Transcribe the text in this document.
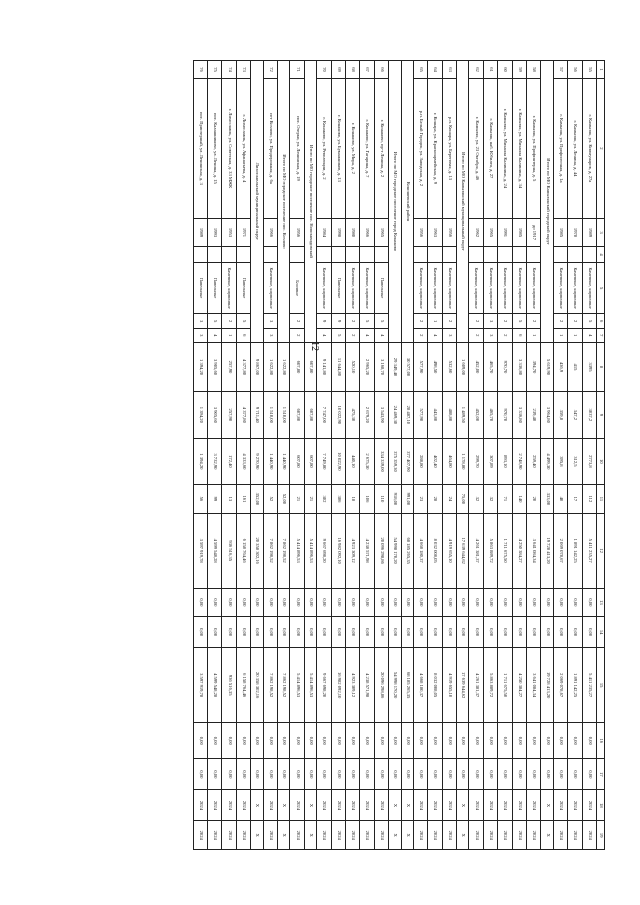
12
1	2	3	4	5	6	7	8	9	10	11	12	13	14	15	16	17	18	19
55	г. Камызяк, ул. Коммунаров, д. 27а	1989		Каменные, кирпичные	5	4	3395	3037,2	2773,8	112	5 411 235,27	0,00	0,00	5 411 235,27	0,00	0,00	2024	2024
56	г. Камызяк, ул. Ленина, д. 44	1978		Каменные, кирпичные	2	1	415	347,2	312,5	17	1 891 142,25	0,00	0,00	1 891 142,25	0,00	0,00	2024	2024
57	г. Камызяк, ул. Профсоюзная, д. 1а	1985		Каменные, кирпичные	2	1	436,9	359,8	395,8	40	2 069 078,67	0,00	0,00	2 069 078,67	0,00	0,00	2024	2024
Итого по МО Камызякский городской округ							5 619,90	3 964,80	4 499,30	333,00	19 728 413,20	0,00	0,00	19 728 413,20	0,00	0,00	X	X
58	г. Камызяк, ул. Профинтерна, д. 5	до 1917		Каменные, кирпичные	2	1	394,70	239,40	259,40	20	3 641 084,34	0,00	0,00	3 641 084,34	0,00	0,00	2024	2024
59	г. Камызяк, ул. Михаила Калинина, д. 34	1985		Каменные, кирпичные	5	6	3 336,80	3 336,80	2 748,90	140	4 250 384,27	0,00	0,00	4 250 384,27	0,00	0,00	2024	2024
60	г. Камызяк, ул. Михаила Калинина, д. 24	1991		Каменные, кирпичные	2	2	970,70	970,70	893,10	71	1 711 675,50	0,00	0,00	1 711 675,50	0,00	0,00	2024	2024
61	г. Камызяк, наб. Юбилея, д. 27	1965		Каменные, кирпичные	3	3	465,70	465,70	307,89	32	5 863 889,72	0,00	0,00	5 863 889,72	0,00	0,00	2024	2024
62	г. Камызяк, ул. 23 Октября, д. 46	1962		Каменные, кирпичные	2	2	452,00	452,00	299,70	32	4 261 381,37	0,00	0,00	4 261 381,37	0,00	0,00	2024	2024
Итого по МО Камызякский муниципальный округ							1 609,00	1 489,50	1 178,80	75,00	17 639 644,62	0,00	0,00	17 639 644,62	0,00	0,00	X	X
63	р.п. Кошара, ул. Береговая, д. 13	1956		Каменные, кирпичные	2	3	532,60	488,80	464,80	24	4 919 655,10	0,00	0,00	4 919 655,10	0,00	0,00	2024	2024
64	г. Кошара, ул. Красноармейская, д. 9	1963		Каменные, кирпичные	1	4	498,50	443,80	402,40	28	8 032 008,05	0,00	0,00	8 032 008,05	0,00	0,00	2024	2024
65	р.п. Белый Городок, ул. Заводская, д. 2	1956		Каменные, кирпичные	2	2	577,90	577,90	288,80	23	4 668 180,37	0,00	0,00	4 668 180,37	0,00	0,00	2024	2024
Коношевский район							30 577,00	28 487,10	377 407,90	991,00	68 185 265,35	0,00	0,00	68 185 265,35	0,00	0,00	X	X
Итого по МО городское поселение город Конаково							29 349,40	24 469,30	375 359,30	918,00	54 998 170,20	0,00	0,00	54 998 170,20	0,00	0,00	X	X
66	г. Конаково, пр-т Ленина, д. 2	1965		Панельные	5	4	3 168,70	3 543,90	334 339,00	110	20 096 298,86	0,00	0,00	20 096 298,86	0,00	0,00	2024	2024
67	г. Конаково, ул. Гагарина, д. 7	1966		Каменные, кирпичные	5	4	2 965,20	2 679,20	2 675,30	106	4 238 571,98	0,00	0,00	4 238 571,98	0,00	0,00	2024	2024
68	г. Конаково, ул. Мира, д. 2	1980		Каменные, кирпичные	2	2	520,10	475,30	440,10	18	4 923 309,12	0,00	0,00	4 923 309,12	0,00	0,00	2024	2024
69	г. Конаково, ул. Бумажников, д. 13	1998		Панельные	9	5	11 644,80	10 022,90	10 022,90	386	16 982 092,10	0,00	0,00	16 982 092,10	0,00	0,00	2024	2024
70	г. Конаково, ул. Революции, д. 2	1984		Каменные, кирпичные	9	4	9 141,80	7 747,00	7 749,80	302	9 667 698,20	0,00	0,00	9 667 698,20	0,00	0,00	2024	2024
Итого по МО городское поселение пос. Новозавидовский							607,80	607,80	607,80	21	5 414 896,53	0,00	0,00	5 414 896,53	0,00	0,00	X	X
71	пос. Озерки, ул. Ленинская, д. 19	1956		Блочные	2	2	607,80	607,80	607,80	21	5 414 896,53	0,00	0,00	5 414 896,53	0,00	0,00	2024	2024
Итого по МО городское поселение пос. Козлово							1 622,80	1 510,00	1 440,90	52,00	7 862 198,52	0,00	0,00	7 862 198,52	0,00	0,00	X	X
72	пгт Козлово, ул. Придорожная, д. 6а	1966		Каменные, кирпичные	3	3	1 622,80	1 510,00	1 440,90	52	7 862 198,52	0,00	0,00	7 862 198,52	0,00	0,00	2024	2024
Лихославльский муниципальный округ							9 867,00	9 711,40	9 270,90	352,00	20 358 302,16	0,00	0,00	20 358 302,16	0,00	0,00	X	X
73	г. Лихославль, ул. Афанасьева, д. 4	1971		Панельные	5	6	4 377,80	4 377,80	4 333,60	161	6 158 764,46	0,00	0,00	6 158 764,46	0,00	0,00	2024	2024
74	г. Лихославль, ул. Советская, д. 33 МЖК	1953		Каменные, кирпичные	2	1	257,90	257,90	172,40	13	936 516,35	0,00	0,00	936 516,35	0,00	0,00	2024	2024
75	пос. Калашниково, ул. Ленина, д. 15	1993		Панельные	5	4	3 905,60	3 905,60	3 732,90	99	4 599 548,28	0,00	0,00	4 599 548,28	0,00	0,00	2024	2024
76	пос. Приозерный, ул. Ленинская, д. 3	1989		Панельные	3	3	1 394,20	1 394,20	1 394,20	56	3 597 919,78	0,00	0,00	3 597 919,78	0,00	0,00	2024	2024
